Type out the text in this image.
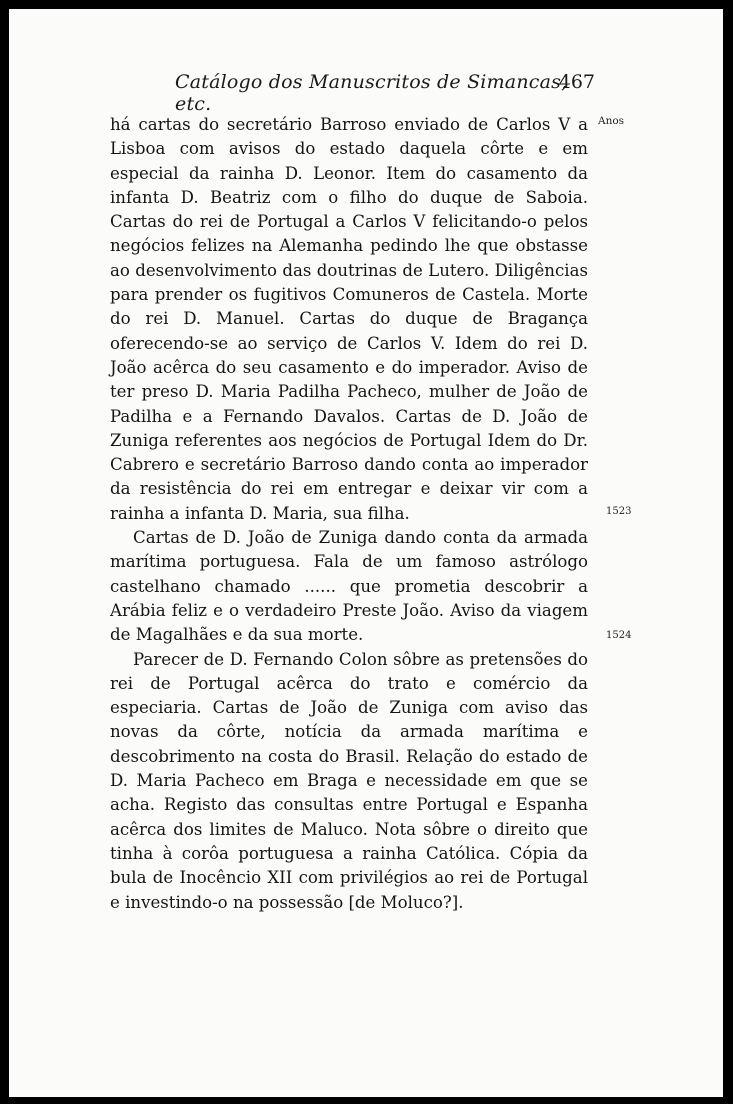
Catálogo dos Manuscritos de Simancas, etc.
467

há cartas do secretário Barroso enviado de Carlos V a Lisboa com avisos do estado daquela côrte e em especial da rainha D. Leonor. Item do casamento da infanta D. Beatriz com o filho do duque de Saboia. Cartas do rei de Portugal a Carlos V felicitando-o pelos negócios felizes na Alemanha pedindo lhe que obstasse ao desenvolvimento das doutrinas de Lutero. Diligências para prender os fugitivos Comuneros de Castela. Morte do rei D. Manuel. Cartas do duque de Bragança oferecendo-se ao serviço de Carlos V. Idem do rei D. João acêrca do seu casamento e do imperador. Aviso de ter preso D. Maria Padilha Pacheco, mulher de João de Padilha e a Fernando Davalos. Cartas de D. João de Zuniga referentes aos negócios de Portugal Idem do Dr. Cabrero e secretário Barroso dando conta ao imperador da resistência do rei em entregar e deixar vir com a rainha a infanta D. Maria, sua filha.

Cartas de D. João de Zuniga dando conta da armada marítima portuguesa. Fala de um famoso astrólogo castelhano chamado ...... que prometia descobrir a Arábia feliz e o verdadeiro Preste João. Aviso da viagem de Magalhães e da sua morte.

Parecer de D. Fernando Colon sôbre as pretensões do rei de Portugal acêrca do trato e comércio da especiaria. Cartas de João de Zuniga com aviso das novas da côrte, notícia da armada marítima e descobrimento na costa do Brasil. Relação do estado de D. Maria Pacheco em Braga e necessidade em que se acha. Registo das consultas entre Portugal e Espanha acêrca dos limites de Maluco. Nota sôbre o direito que tinha à corôa portuguesa a rainha Católica. Cópia da bula de Inocêncio XII com privilégios ao rei de Portugal e investindo-o na possessão [de Moluco?].

Anos
1523
1524
